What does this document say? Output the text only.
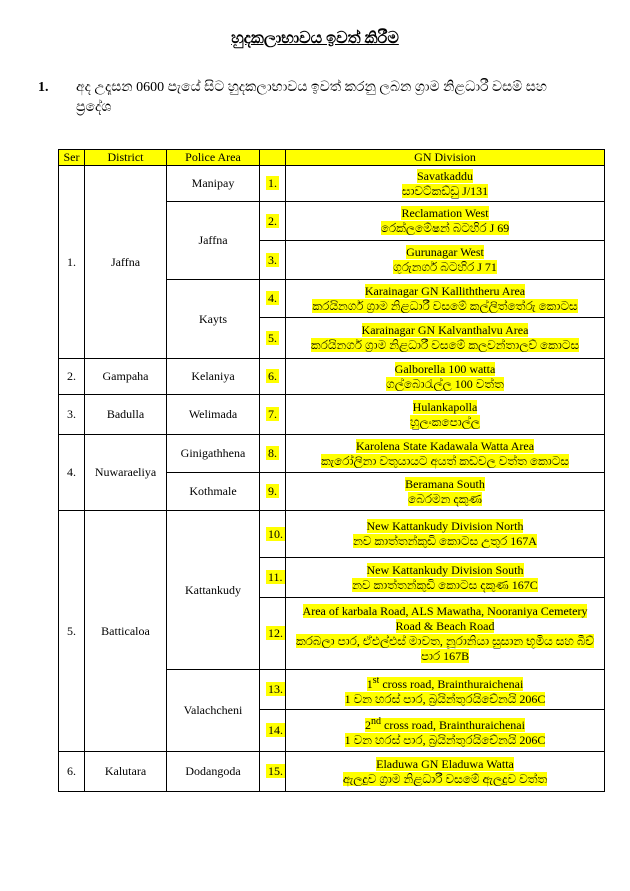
හුදකලාභාවය ඉවත් කිරීම
1. අද උදෑසන 0600 පැයේ සිට හුදකලාභාවය ඉවත් කරනු ලබන ග්‍රාම නිළධාරී වසම් සහ
ප්‍රදේශ
Ser	District	Police Area		GN Division
1.	Jaffna	Manipay	1.	Savatkaddu
සාවට්කඩ්ඩු J/131

		Jaffna	2.	Reclamation West
රෙක්ලමේෂන් බටහිර J 69

			3.	Gurunagar West
ගුරුනගර් බටහිර J 71

		Kayts	4.	Karainagar GN Kalliththeru Area
කරයිනගර් ග්‍රාම නිළධාරී වසමේ කල්ලිත්තේරු කොටස

			5.	Karainagar GN Kalvanthalvu Area
කරයිනගර් ග්‍රාම නිළධාරී වසමේ කලවන්තාලව් කොටස

2.	Gampaha	Kelaniya	6.	Galborella 100 watta
ගල්බොරැල්ල 100 වත්ත

3.	Badulla	Welimada	7.	Hulankapolla
හුලංකපොල්ල

4.	Nuwaraeliya	Ginigathhena	8.	Karolena State Kadawala Watta Area
කැරෝලිනා වතුයායට අයත් කඩවල වත්ත කොටස

		Kothmale	9.	Beramana South
බෙරමන දකුණ

5.	Batticaloa	Kattankudy	10.	New Kattankudy Division North
නව කාත්තන්කුඩි කොටස උතුර 167A

			11.	New Kattankudy Division South
නව කාත්තන්කුඩි කොටස දකුණ 167C

			12.	Area of karbala Road, ALS Mawatha, Nooraniya Cemetery Road & Beach Road
කරබලා පාර, ඒඑල්එස් මාවත, නූරානියා සුසාන භූමිය සහ බීච් පාර 167B

		Valachcheni	13.	1st cross road, Brainthuraichenai
1 වන හරස් පාර, බ්‍රයින්තුරයිචේනයි 206C

			14.	2nd cross road, Brainthuraichenai
1 වන හරස් පාර, බ්‍රයින්තුරයිචේනයි 206C

6.	Kalutara	Dodangoda	15.	Eladuwa GN Eladuwa Watta
ඇලදුව ග්‍රාම නිළධාරී වසමේ ඇලදුව වත්ත
